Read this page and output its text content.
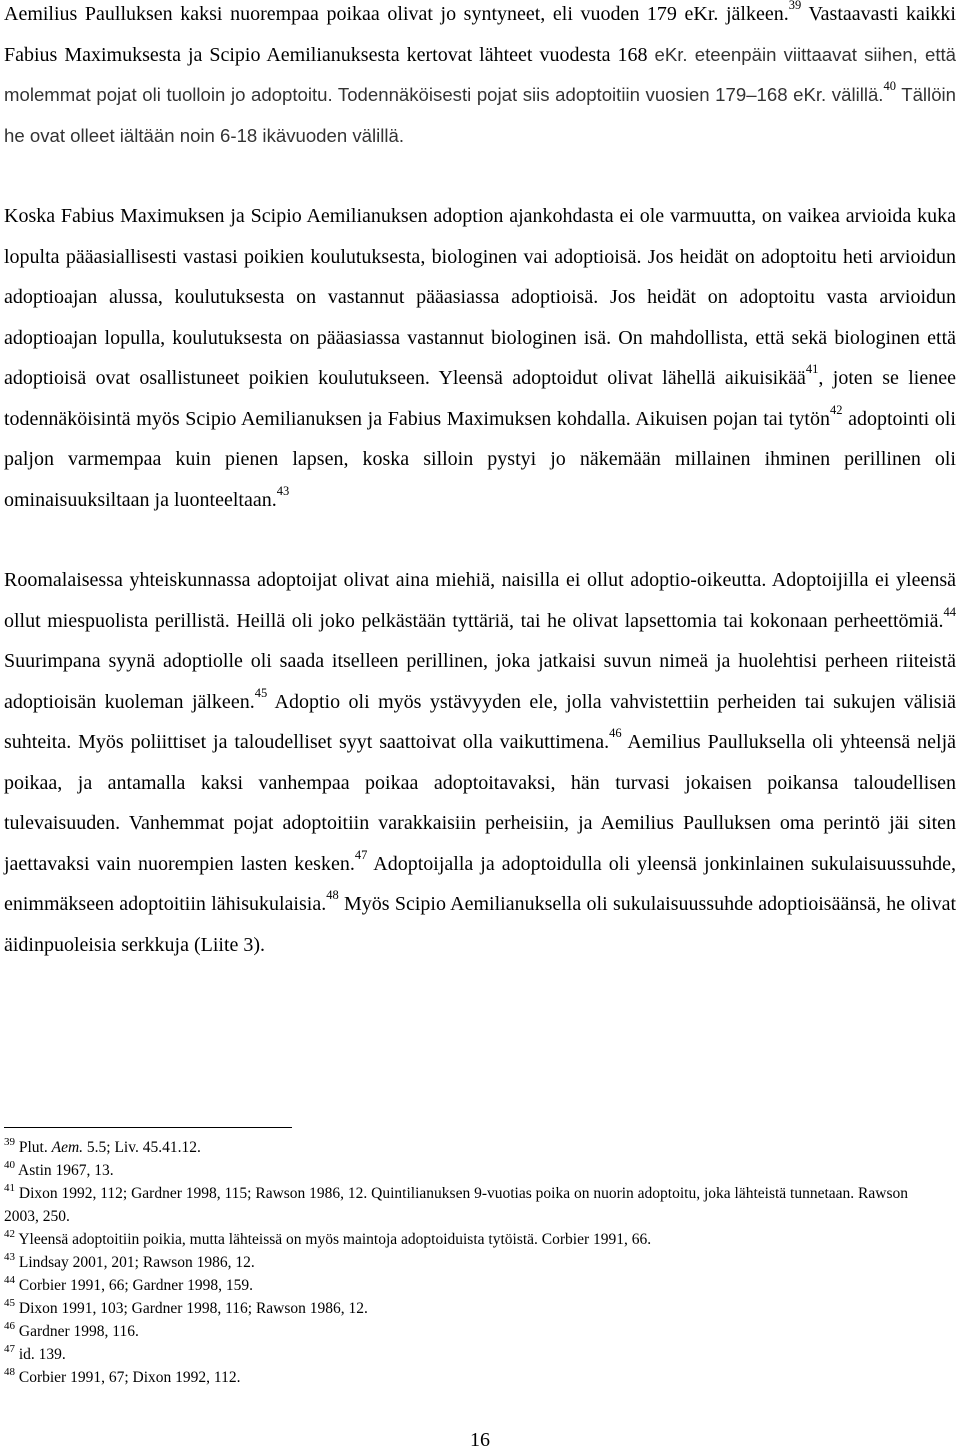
Aemilius Paulluksen kaksi nuorempaa poikaa olivat jo syntyneet, eli vuoden 179 eKr. jälkeen.$^{39}$ Vastaavasti kaikki Fabius Maximuksesta ja Scipio Aemilianuksesta kertovat lähteet vuodesta 168 eKr. eteenpäin viittaavat siihen, että molemmat pojat oli tuolloin jo adoptoitu. Todennäköisesti pojat siis adoptoitiin vuosien 179–168 eKr. välillä.$^{40}$ Tällöin he ovat olleet iältään noin 6-18 ikävuoden välillä.

Koska Fabius Maximuksen ja Scipio Aemilianuksen adoption ajankohdasta ei ole varmuutta, on vaikea arvioida kuka lopulta pääasiallisesti vastasi poikien koulutuksesta, biologinen vai adoptioisä. Jos heidät on adoptoitu heti arvioidun adoptioajan alussa, koulutuksesta on vastannut pääasiassa adoptioisä. Jos heidät on adoptoitu vasta arvioidun adoptioajan lopulla, koulutuksesta on pääasiassa vastannut biologinen isä. On mahdollista, että sekä biologinen että adoptioisä ovat osallistuneet poikien koulutukseen. Yleensä adoptoidut olivat lähellä aikuisikää$^{41}$, joten se lienee todennäköisintä myös Scipio Aemilianuksen ja Fabius Maximuksen kohdalla. Aikuisen pojan tai tytön$^{42}$ adoptointi oli paljon varmempaa kuin pienen lapsen, koska silloin pystyi jo näkemään millainen ihminen perillinen oli ominaisuuksiltaan ja luonteeltaan.$^{43}$

Roomalaisessa yhteiskunnassa adoptoijat olivat aina miehiä, naisilla ei ollut adoptio-oikeutta. Adoptoijilla ei yleensä ollut miespuolista perillistä. Heillä oli joko pelkästään tyttäriä, tai he olivat lapsettomia tai kokonaan perheettömiä.$^{44}$ Suurimpana syynä adoptiolle oli saada itselleen perillinen, joka jatkaisi suvun nimeä ja huolehtisi perheen riiteistä adoptioisän kuoleman jälkeen.$^{45}$ Adoptio oli myös ystävyyden ele, jolla vahvistettiin perheiden tai sukujen välisiä suhteita. Myös poliittiset ja taloudelliset syyt saattoivat olla vaikuttimena.$^{46}$ Aemilius Paulluksella oli yhteensä neljä poikaa, ja antamalla kaksi vanhempaa poikaa adoptoitavaksi, hän turvasi jokaisen poikansa taloudellisen tulevaisuuden. Vanhemmat pojat adoptoitiin varakkaisiin perheisiin, ja Aemilius Paulluksen oma perintö jäi siten jaettavaksi vain nuorempien lasten kesken.$^{47}$ Adoptoijalla ja adoptoidulla oli yleensä jonkinlainen sukulaisuussuhde, enimmäkseen adoptoitiin lähisukulaisia.$^{48}$ Myös Scipio Aemilianuksella oli sukulaisuussuhde adoptioisäänsä, he olivat äidinpuoleisia serkkuja (Liite 3).

$^{39}$ Plut. Aem. 5.5; Liv. 45.41.12.

$^{40}$ Astin 1967, 13.

$^{41}$ Dixon 1992, 112; Gardner 1998, 115; Rawson 1986, 12. Quintilianuksen 9-vuotias poika on nuorin adoptoitu, joka lähteistä tunnetaan. Rawson 2003, 250.

$^{42}$ Yleensä adoptoitiin poikia, mutta lähteissä on myös maintoja adoptoiduista tytöistä. Corbier 1991, 66.

$^{43}$ Lindsay 2001, 201; Rawson 1986, 12.

$^{44}$ Corbier 1991, 66; Gardner 1998, 159.

$^{45}$ Dixon 1991, 103; Gardner 1998, 116; Rawson 1986, 12.

$^{46}$ Gardner 1998, 116.

$^{47}$ id. 139.

$^{48}$ Corbier 1991, 67; Dixon 1992, 112.

16
